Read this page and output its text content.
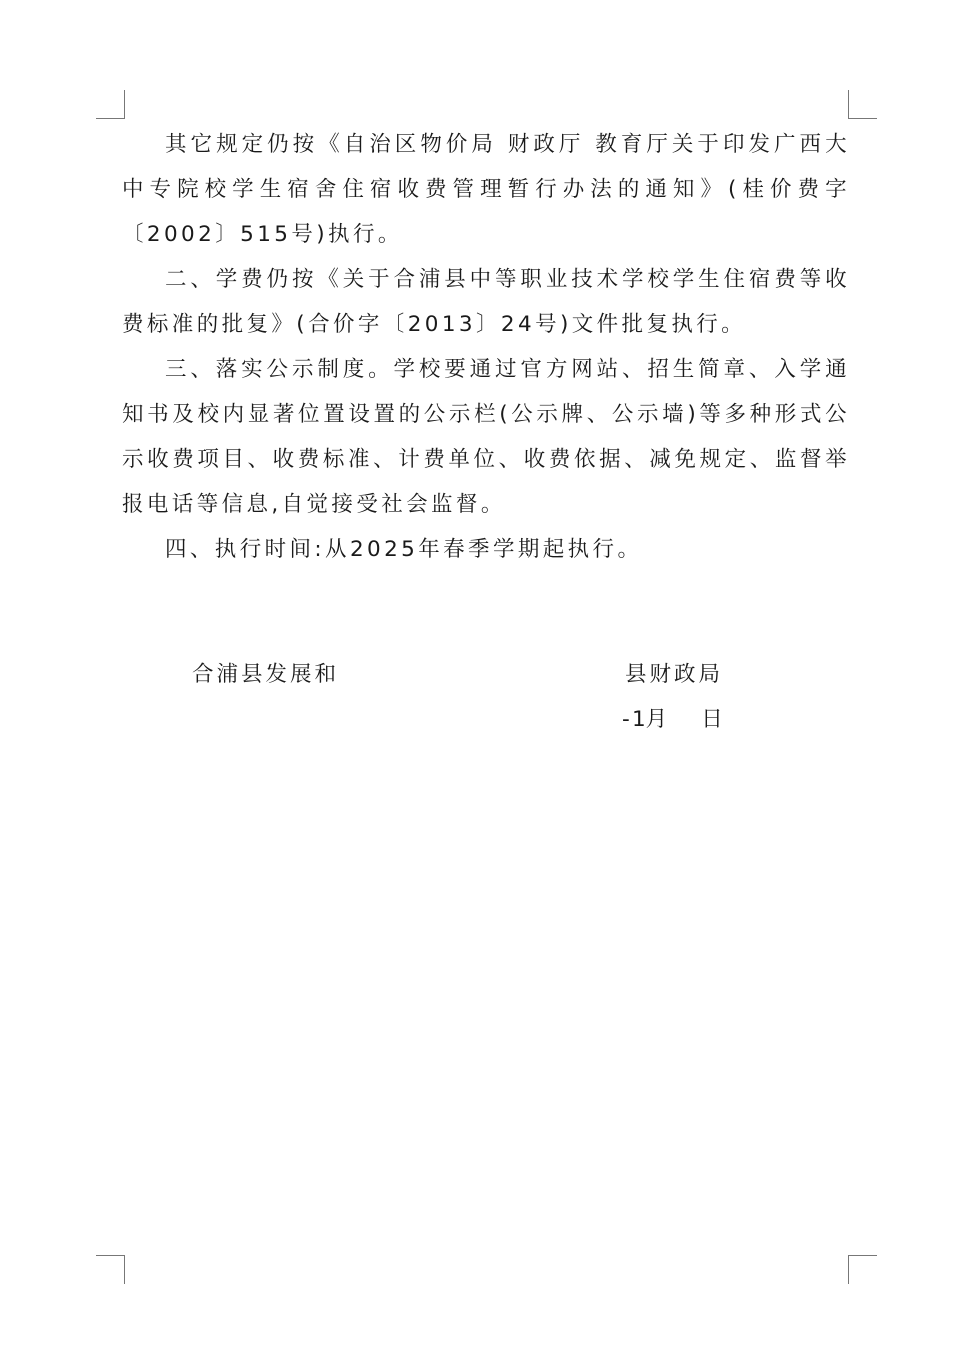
其它规定仍按《自治区物价局 财政厅 教育厅关于印发广西大中专院校学生宿舍住宿收费管理暂行办法的通知》(桂价费字〔2002〕515号)执行。

二、学费仍按《关于合浦县中等职业技术学校学生住宿费等收费标准的批复》(合价字〔2013〕24号)文件批复执行。

三、落实公示制度。学校要通过官方网站、招生简章、入学通知书及校内显著位置设置的公示栏(公示牌、公示墙)等多种形式公示收费项目、收费标准、计费单位、收费依据、减免规定、监督举报电话等信息,自觉接受社会监督。

四、执行时间:从2025年春季学期起执行。

合浦县发展和	县财政局
- 1月 日
